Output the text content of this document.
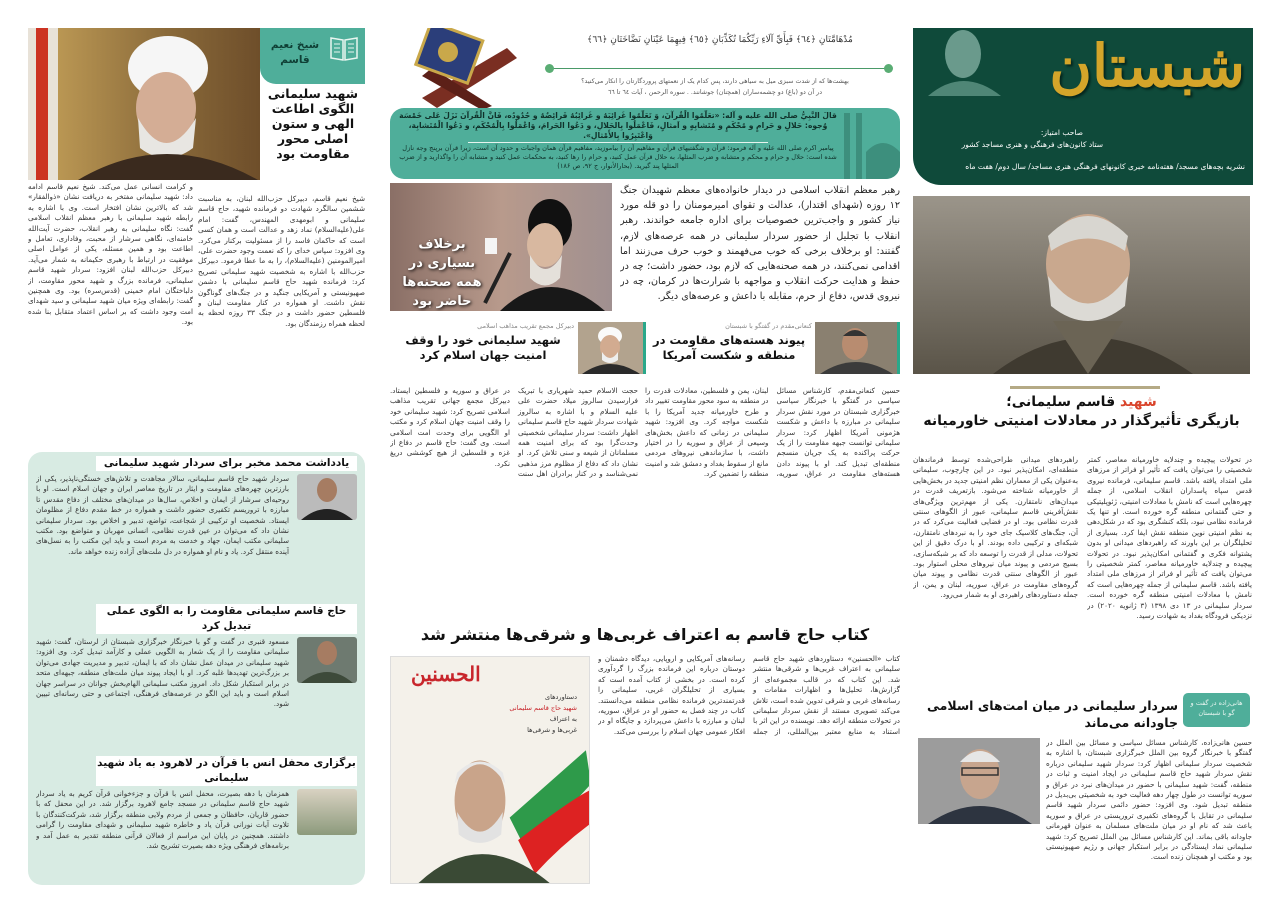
شبستان
صاحب امتیاز:
ستاد کانون‌های فرهنگی و هنری مساجد کشور
نشریه بچه‌های مسجد/ هفته‌نامه خبری کانونهای فرهنگی هنری مساجد/ سال دوم/ هفت ماه
شهید قاسم سلیمانی؛
بازیگری تأثیرگذار در معادلات امنیتی خاورمیانه
در تحولات پیچیده و چندلایه خاورمیانه معاصر، کمتر شخصیتی را می‌توان یافت که تأثیر او فراتر از مرزهای ملی امتداد یافته باشد. قاسم سلیمانی، فرمانده نیروی قدس سپاه پاسداران انقلاب اسلامی، از جمله چهره‌هایی است که نامش با معادلات امنیتی، ژئوپلیتیکی و حتی گفتمانی منطقه گره خورده است. او تنها یک فرمانده نظامی نبود، بلکه کنشگری بود که در شکل‌دهی به نظم امنیتی نوین منطقه نقش ایفا کرد. بسیاری از تحلیلگران بر این باورند که راهبردهای میدانی او بدون پشتوانه فکری و گفتمانی امکان‌پذیر نبود. در تحولات پیچیده و چندلایه خاورمیانه معاصر، کمتر شخصیتی را می‌توان یافت که تأثیر او فراتر از مرزهای ملی امتداد یافته باشد. قاسم سلیمانی از جمله چهره‌هایی است که نامش با معادلات امنیتی منطقه گره خورده است. سردار سلیمانی در ۱۳ دی ۱۳۹۸ (۳ ژانویه ۲۰۲۰) در نزدیکی فرودگاه بغداد به شهادت رسید.
راهبردهای میدانی طراحی‌شده توسط فرماندهان منطقه‌ای، امکان‌پذیر نبود. در این چارچوب، سلیمانی به‌عنوان یکی از معماران نظم امنیتی جدید در بخش‌هایی از خاورمیانه شناخته می‌شود. بازتعریف قدرت در میدان‌های نامتقارن. یکی از مهم‌ترین ویژگی‌های نقش‌آفرینی قاسم سلیمانی، عبور از الگوهای سنتی قدرت نظامی بود. او در فضایی فعالیت می‌کرد که در آن، جنگ‌های کلاسیک جای خود را به نبردهای نامتقارن، شبکه‌ای و ترکیبی داده بودند. او با درک دقیق از این تحولات، مدلی از قدرت را توسعه داد که بر شبکه‌سازی، بسیج مردمی و پیوند میان نیروهای محلی استوار بود. عبور از الگوهای سنتی قدرت نظامی و پیوند میان گروه‌های مقاومت در عراق، سوریه، لبنان و یمن، از جمله دستاوردهای راهبردی او به شمار می‌رود.
هانی‌زاده در گفت و گو با شبستان
سردار سلیمانی در میان امت‌های اسلامی جاودانه می‌ماند
حسین هانی‌زاده، کارشناس مسائل سیاسی و مسائل بین الملل در گفتگو با خبرنگار گروه بین الملل خبرگزاری شبستان، با اشاره به شخصیت سردار سلیمانی اظهار کرد: سردار شهید سلیمانی درباره نقش سردار شهید حاج قاسم سلیمانی در ایجاد امنیت و ثبات در منطقه، گفت: شهید سلیمانی با حضور در میدان‌های نبرد در عراق و سوریه توانست در طول چهار دهه فعالیت خود به شخصیتی بی‌بدیل در منطقه تبدیل شود. وی افزود: حضور دائمی سردار شهید قاسم سلیمانی در تقابل با گروه‌های تکفیری تروریستی در عراق و سوریه باعث شد که نام او در میان ملت‌های مسلمان به عنوان قهرمانی جاودانه باقی بماند. این کارشناس مسائل بین الملل تصریح کرد: شهید سلیمانی نماد ایستادگی در برابر استکبار جهانی و رژیم صهیونیستی بود و مکتب او همچنان زنده است.
مُدْهَامَّتَانِ ﴿٦٤﴾ فَبِأَيِّ آلَاءِ رَبِّكُمَا تُكَذِّبَانِ ﴿٦٥﴾ فِيهِمَا عَيْنَانِ نَضَّاخَتَانِ ﴿٦٦﴾
بهشت‌ها که از شدت سبزی میل به سیاهی دارند، پس کدام یک از نعمتهای پروردگارتان را انکار می‌کنید؟
در آن دو (باغ) دو چشمه‌ساران (همچنان) جوشانند. . سوره الرحمن ، آیات ٦٤ تا ٦٦
قالَ النَّبِيُّ صلی الله علیه و آله: «تعَلّمُوا الْقُرآنَ، وَ تَعَلّمُوا غَرائِبَهُ و غَرائِبُهُ فَرائِضُهُ و حُدُودُه، فَانَّ الْقُرآنَ نَزَلَ عَلی خَمْسَة وُجوه: حَلالٍ و حَرامٍ و مُحْكَمٍ و مُتَشابِهٍ و اَمثالٍ، فَاعْمَلُوا بِالحَلالِ، و دَعُوا الحَرامَ، وَاعْمَلُوا بِالْمُحْكَمِ، و دَعُوا الْمُتَشابِهَ، وَاعْتَبِرُوا بِالأَمْثالِ».
پیامبر اکرم صلی الله علیه و آله فرمود: قرآن و شگفتیهای قرآن و مفاهیم آن را بیاموزید، مفاهیم قرآن همان واجبات و حدود آن است، زیرا قرآن برپنج وجه نازل شده است: حلال و حرام و محکم و متشابه و ضرب المثلها، به حلال قرآن عمل کنید، و حرام را رها کنید، به محکمات عمل کنید و متشابه آن را واگذارید و از ضرب المثلها پند گیرید. (بحارالأنوار، ج ۹۲، ص ۱۸۶)
برخلاف بسیاری در همه صحنه‌ها حاضر بود
رهبر معظم انقلاب اسلامی در دیدار خانواده‌های معظم شهیدان جنگ ۱۲ روزه (شهدای اقتدار)، عدالت و تقوای امیرمومنان را دو قله مورد نیاز کشور و واجب‌ترین خصوصیات برای اداره جامعه خواندند. رهبر انقلاب با تجلیل از حضور سردار سلیمانی در همه عرصه‌های لازم، گفتند: او برخلاف برخی که خوب می‌فهمند و خوب حرف می‌زنند اما اقدامی نمی‌کنند، در همه صحنه‌هایی که لازم بود، حضور داشت؛ چه در حفظ و هدایت حرکت انقلاب و مواجهه با شرارت‌ها در کرمان، چه در نیروی قدس، دفاع از حرم، مقابله با داعش و عرصه‌های دیگر.
کنعانی‌مقدم در گفتگو با شبستان
پیوند هسته‌های مقاومت در منطقه و شکست آمریکا
دبیرکل مجمع تقریب مذاهب اسلامی
شهید سلیمانی خود را وقف امنیت جهان اسلام کرد
حسین کنعانی‌مقدم، کارشناس مسائل سیاسی در گفتگو با خبرنگار سیاسی خبرگزاری شبستان در مورد نقش سردار سلیمانی در مبارزه با داعش و شکست هژمونی آمریکا اظهار کرد: سردار سلیمانی توانست جبهه مقاومت را از یک حرکت پراکنده به یک جریان منسجم منطقه‌ای تبدیل کند. او با پیوند دادن هسته‌های مقاومت در عراق، سوریه، لبنان، یمن و فلسطین، معادلات قدرت را در منطقه به سود محور مقاومت تغییر داد و طرح خاورمیانه جدید آمریکا را با شکست مواجه کرد. وی افزود: شهید سلیمانی در زمانی که داعش بخش‌های وسیعی از عراق و سوریه را در اختیار داشت، با سازماندهی نیروهای مردمی مانع از سقوط بغداد و دمشق شد و امنیت منطقه را تضمین کرد.
حجت الاسلام حمید شهریاری با تبریک فرارسیدن سالروز میلاد حضرت علی علیه السلام و با اشاره به سالروز شهادت سردار شهید حاج قاسم سلیمانی اظهار داشت: سردار سلیمانی شخصیتی وحدت‌گرا بود که برای امنیت همه مسلمانان از شیعه و سنی تلاش کرد. او نشان داد که دفاع از مظلوم مرز مذهبی نمی‌شناسد و در کنار برادران اهل سنت در عراق و سوریه و فلسطین ایستاد. دبیرکل مجمع جهانی تقریب مذاهب اسلامی تصریح کرد: شهید سلیمانی خود را وقف امنیت جهان اسلام کرد و مکتب او الگویی برای وحدت امت اسلامی است. وی گفت: حاج قاسم در دفاع از غزه و فلسطین از هیچ کوششی دریغ نکرد.
کتاب حاج قاسم به اعتراف غربی‌ها و شرقی‌ها منتشر شد
کتاب «الحسنین» دستاوردهای شهید حاج قاسم سلیمانی به اعتراف غربی‌ها و شرقی‌ها منتشر شد. این کتاب که در قالب مجموعه‌ای از گزارش‌ها، تحلیل‌ها و اظهارات مقامات و رسانه‌های غربی و شرقی تدوین شده است، تلاش می‌کند تصویری مستند از نقش سردار سلیمانی در تحولات منطقه ارائه دهد. نویسنده در این اثر با استناد به منابع معتبر بین‌المللی، از جمله رسانه‌های آمریکایی و اروپایی، دیدگاه دشمنان و دوستان درباره این فرمانده بزرگ را گردآوری کرده است. در بخشی از کتاب آمده است که بسیاری از تحلیلگران غربی، سلیمانی را قدرتمندترین فرمانده نظامی منطقه می‌دانستند. کتاب در چند فصل به حضور او در عراق، سوریه، لبنان و مبارزه با داعش می‌پردازد و جایگاه او در افکار عمومی جهان اسلام را بررسی می‌کند.
الحسنین
دستاوردهای
شهید حاج قاسم سلیمانی
به اعتراف
غربی‌ها و شرقی‌ها
شیخ نعیم قاسم
شهید سلیمانی الگوی اطاعت الهی و ستون اصلی محور مقاومت بود
شیخ نعیم قاسم، دبیرکل حزب‌الله لبنان، به مناسبت ششمین سالگرد شهادت دو فرمانده شهید، حاج قاسم سلیمانی و ابومهدی المهندس، گفت: امام علی(علیه‌السلام) نماد زهد و عدالت است و همان کسی است که حاکمان فاسد را از مسئولیت برکنار می‌کرد. وی افزود: سپاس خدای را که نعمت وجود حضرت علی، امیرالمومنین (علیه‌السلام)، را به ما عطا فرمود. دبیرکل حزب‌الله با اشاره به شخصیت شهید سلیمانی تصریح کرد: فرمانده شهید حاج قاسم سلیمانی با دشمن صهیونیستی و آمریکایی جنگید و در جنگ‌های گوناگون نقش داشت. او همواره در کنار مقاومت لبنان و فلسطین حضور داشت و در جنگ ۳۳ روزه لحظه به لحظه همراه رزمندگان بود.
و کرامت انسانی عمل می‌کند. شیخ نعیم قاسم ادامه داد: شهید سلیمانی مفتخر به دریافت نشان «ذوالفقار» شد که بالاترین نشان افتخار است. وی با اشاره به رابطه شهید سلیمانی با رهبر معظم انقلاب اسلامی گفت: نگاه سلیمانی به رهبر انقلاب، حضرت آیت‌الله خامنه‌ای، نگاهی سرشار از محبت، وفاداری، تعامل و اطاعت بود و همین مسئله، یکی از عوامل اصلی موفقیت در ارتباط با رهبری حکیمانه به شمار می‌آید. دبیرکل حزب‌الله لبنان افزود: سردار شهید قاسم سلیمانی، فرمانده بزرگ و شهید محور مقاومت، از دلباختگان امام خمینی (قدس‌سره) بود. وی همچنین گفت: رابطه‌ای ویژه میان شهید سلیمانی و سید شهدای امت وجود داشت که بر اساس اعتماد متقابل بنا شده بود.
یادداشت محمد مخبر برای سردار شهید سلیمانی
سردار شهید حاج قاسم سلیمانی، سالار مجاهدت و تلاش‌های خستگی‌ناپذیر، یکی از بارزترین چهره‌های مقاومت و ایثار در تاریخ معاصر ایران و جهان اسلام است. او با روحیه‌ای سرشار از ایمان و اخلاص، سال‌ها در میدان‌های مختلف از دفاع مقدس تا مبارزه با تروریسم تکفیری حضور داشت و همواره در خط مقدم دفاع از مظلومان ایستاد. شخصیت او ترکیبی از شجاعت، تواضع، تدبیر و اخلاص بود. سردار سلیمانی نشان داد که می‌توان در عین قدرت نظامی، انسانی مهربان و متواضع بود. مکتب سلیمانی مکتب ایمان، جهاد و خدمت به مردم است و باید این مکتب را به نسل‌های آینده منتقل کرد. یاد و نام او همواره در دل ملت‌های آزاده زنده خواهد ماند.
حاج قاسم سلیمانی مقاومت را به الگوی عملی تبدیل کرد
مسعود قنبری در گفت و گو با خبرنگار خبرگزاری شبستان از لرستان، گفت: شهید سلیمانی مقاومت را از یک شعار به الگویی عملی و کارآمد تبدیل کرد. وی افزود: شهید سلیمانی در میدان عمل نشان داد که با ایمان، تدبیر و مدیریت جهادی می‌توان بر بزرگ‌ترین تهدیدها غلبه کرد. او با ایجاد پیوند میان ملت‌های منطقه، جبهه‌ای متحد در برابر استکبار شکل داد. امروز مکتب سلیمانی الهام‌بخش جوانان در سراسر جهان اسلام است و باید این الگو در عرصه‌های فرهنگی، اجتماعی و حتی رسانه‌ای تبیین شود.
برگزاری محفل انس با قرآن در لاهرود به یاد شهید سلیمانی
همزمان با دهه بصیرت، محفل انس با قرآن و جزءخوانی قرآن کریم به یاد سردار شهید حاج قاسم سلیمانی در مسجد جامع لاهرود برگزار شد. در این محفل که با حضور قاریان، حافظان و جمعی از مردم ولایی منطقه برگزار شد، شرکت‌کنندگان با تلاوت آیات نورانی قرآن یاد و خاطره شهید سلیمانی و شهدای مقاومت را گرامی داشتند. همچنین در پایان این مراسم از فعالان قرآنی منطقه تقدیر به عمل آمد و برنامه‌های فرهنگی ویژه دهه بصیرت تشریح شد.
